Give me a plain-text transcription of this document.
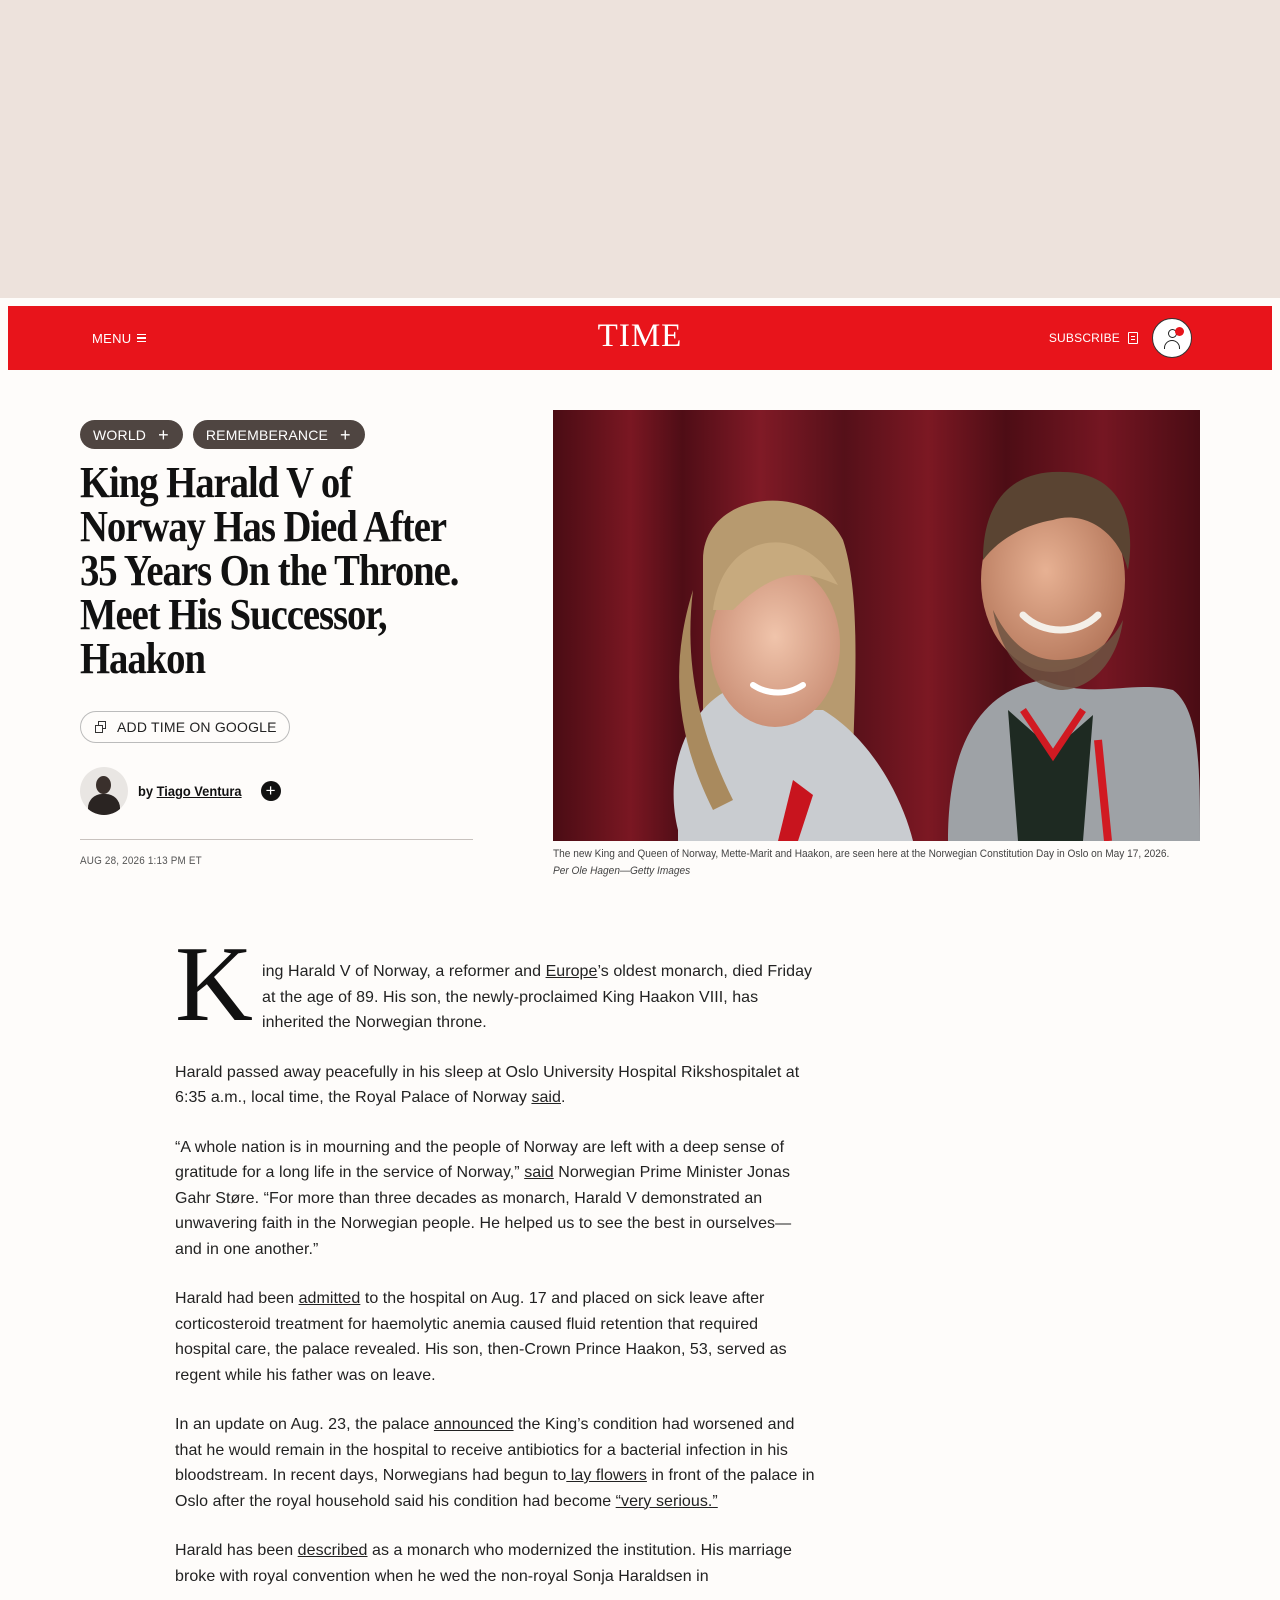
MENU	TIME	SUBSCRIBE
WORLD +	REMEMBERANCE +
King Harald V of Norway Has Died After 35 Years On the Throne. Meet His Successor, Haakon
ADD TIME ON GOOGLE
by Tiago Ventura +
AUG 28, 2026 1:13 PM ET
The new King and Queen of Norway, Mette-Marit and Haakon, are seen here at the Norwegian Constitution Day in Oslo on May 17, 2026. Per Ole Hagen—Getty Images

K ing Harald V of Norway, a reformer and Europe’s oldest monarch, died Friday at the age of 89. His son, the newly-proclaimed King Haakon VIII, has inherited the Norwegian throne.

Harald passed away peacefully in his sleep at Oslo University Hospital Rikshospitalet at 6:35 a.m., local time, the Royal Palace of Norway said.

“A whole nation is in mourning and the people of Norway are left with a deep sense of gratitude for a long life in the service of Norway,” said Norwegian Prime Minister Jonas Gahr Støre. “For more than three decades as monarch, Harald V demonstrated an unwavering faith in the Norwegian people. He helped us to see the best in ourselves—and in one another.”

Harald had been admitted to the hospital on Aug. 17 and placed on sick leave after corticosteroid treatment for haemolytic anemia caused fluid retention that required hospital care, the palace revealed. His son, then-Crown Prince Haakon, 53, served as regent while his father was on leave.

In an update on Aug. 23, the palace announced the King’s condition had worsened and that he would remain in the hospital to receive antibiotics for a bacterial infection in his bloodstream. In recent days, Norwegians had begun to lay flowers in front of the palace in Oslo after the royal household said his condition had become “very serious.”

Harald has been described as a monarch who modernized the institution. His marriage broke with royal convention when he wed the non-royal Sonja Haraldsen in
